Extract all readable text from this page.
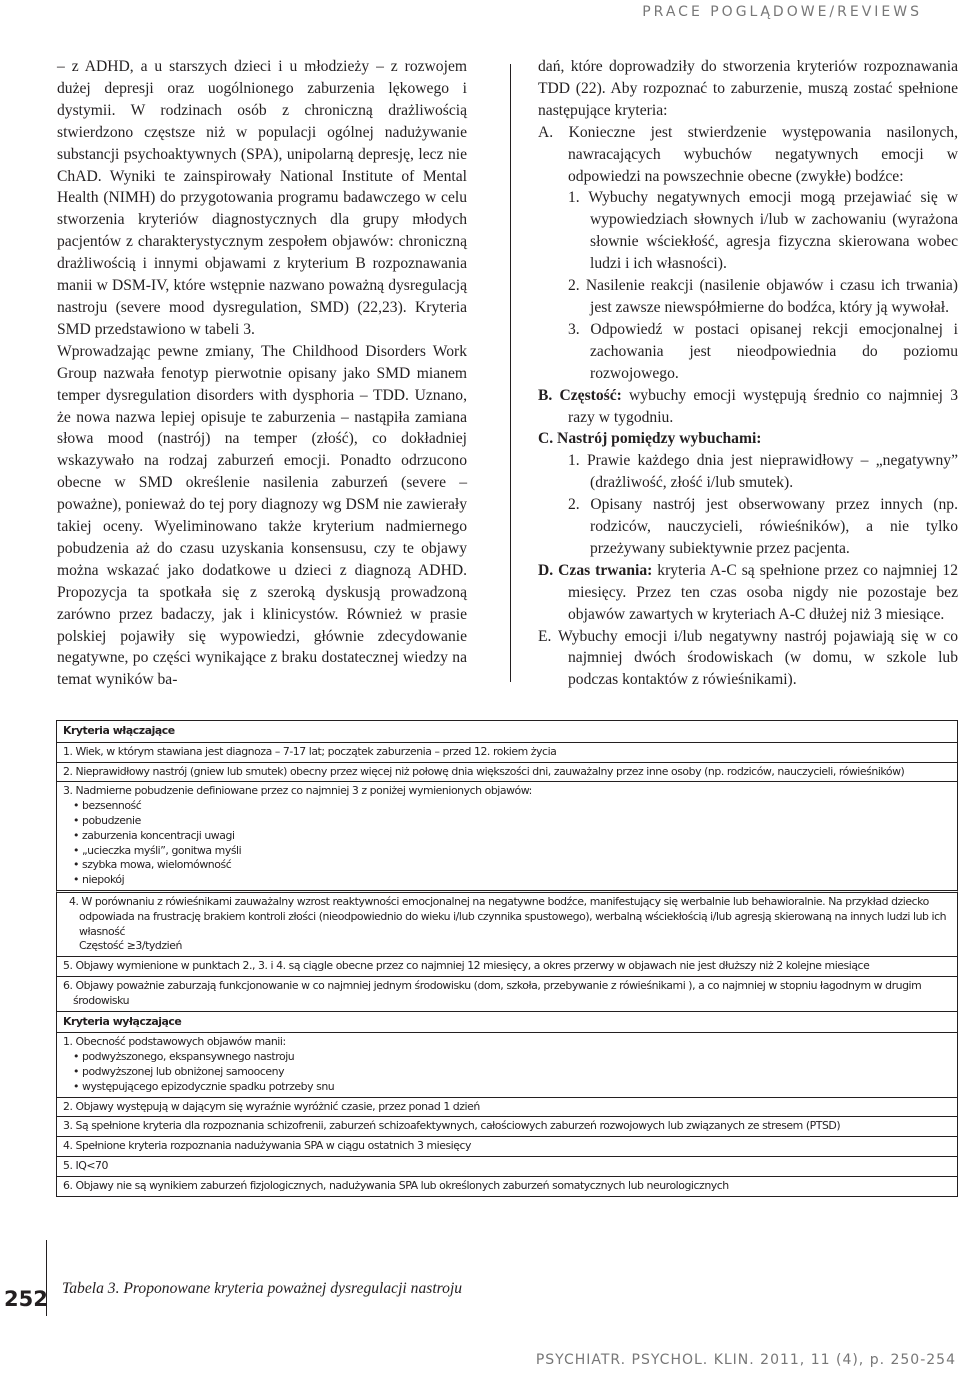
PRACE POGLĄDOWE/REVIEWS

– z ADHD, a u starszych dzieci i u młodzieży – z rozwojem dużej depresji oraz uogólnionego zaburzenia lękowego i dystymii. W rodzinach osób z chroniczną drażliwością stwierdzono częstsze niż w populacji ogólnej nadużywanie substancji psychoaktywnych (SPA), unipolarną depresję, lecz nie ChAD. Wyniki te zainspirowały National Institute of Mental Health (NIMH) do przygotowania programu badawczego w celu stworzenia kryteriów diagnostycznych dla grupy młodych pacjentów z charakterystycznym zespołem objawów: chroniczną drażliwością i innymi objawami z kryterium B rozpoznawania manii w DSM-IV, które wstępnie nazwano poważną dysregulacją nastroju (severe mood dysregulation, SMD) (22,23). Kryteria SMD przedstawiono w tabeli 3.

Wprowadzając pewne zmiany, The Childhood Disorders Work Group nazwała fenotyp pierwotnie opisany jako SMD mianem temper dysregulation disorders with dysphoria – TDD. Uznano, że nowa nazwa lepiej opisuje te zaburzenia – nastąpiła zamiana słowa mood (nastrój) na temper (złość), co dokładniej wskazywało na rodzaj zaburzeń emocji. Ponadto odrzucono obecne w SMD określenie nasilenia zaburzeń (severe – poważne), ponieważ do tej pory diagnozy wg DSM nie zawierały takiej oceny. Wyeliminowano także kryterium nadmiernego pobudzenia aż do czasu uzyskania konsensusu, czy te objawy można wskazać jako dodatkowe u dzieci z diagnozą ADHD. Propozycja ta spotkała się z szeroką dyskusją prowadzoną zarówno przez badaczy, jak i klinicystów. Również w prasie polskiej pojawiły się wypowiedzi, głównie zdecydowanie negatywne, po części wynikające z braku dostatecznej wiedzy na temat wyników ba-

dań, które doprowadziły do stworzenia kryteriów rozpoznawania TDD (22). Aby rozpoznać to zaburzenie, muszą zostać spełnione następujące kryteria:

A. Konieczne jest stwierdzenie występowania nasilonych, nawracających wybuchów negatywnych emocji w odpowiedzi na powszechnie obecne (zwykłe) bodźce:

1. Wybuchy negatywnych emocji mogą przejawiać się w wypowiedziach słownych i/lub w zachowaniu (wyrażona słownie wściekłość, agresja fizyczna skierowana wobec ludzi i ich własności).

2. Nasilenie reakcji (nasilenie objawów i czasu ich trwania) jest zawsze niewspółmierne do bodźca, który ją wywołał.

3. Odpowiedź w postaci opisanej rekcji emocjonalnej i zachowania jest nieodpowiednia do poziomu rozwojowego.

B. Częstość: wybuchy emocji występują średnio co najmniej 3 razy w tygodniu.

C. Nastrój pomiędzy wybuchami:

1. Prawie każdego dnia jest nieprawidłowy – „negatywny” (drażliwość, złość i/lub smutek).

2. Opisany nastrój jest obserwowany przez innych (np. rodziców, nauczycieli, rówieśników), a nie tylko przeżywany subiektywnie przez pacjenta.

D. Czas trwania: kryteria A-C są spełnione przez co najmniej 12 miesięcy. Przez ten czas osoba nigdy nie pozostaje bez objawów zawartych w kryteriach A-C dłużej niż 3 miesiące.

E. Wybuchy emocji i/lub negatywny nastrój pojawiają się w co najmniej dwóch środowiskach (w domu, w szkole lub podczas kontaktów z rówieśnikami).

Kryteria włączające
1. Wiek, w którym stawiana jest diagnoza – 7-17 lat; początek zaburzenia – przed 12. rokiem życia
2. Nieprawidłowy nastrój (gniew lub smutek) obecny przez więcej niż połowę dnia większości dni, zauważalny przez inne osoby (np. rodziców, nauczycieli, rówieśników)
3. Nadmierne pobudzenie definiowane przez co najmniej 3 z poniżej wymienionych objawów:
• bezsenność
• pobudzenie
• zaburzenia koncentracji uwagi
• „ucieczka myśli”, gonitwa myśli
• szybka mowa, wielomówność
• niepokój
4. W porównaniu z rówieśnikami zauważalny wzrost reaktywności emocjonalnej na negatywne bodźce, manifestujący się werbalnie lub behawioralnie. Na przykład dziecko odpowiada na frustrację brakiem kontroli złości (nieodpowiednio do wieku i/lub czynnika spustowego), werbalną wściekłością i/lub agresją skierowaną na innych ludzi lub ich własność
Częstość ≥3/tydzień
5. Objawy wymienione w punktach 2., 3. i 4. są ciągle obecne przez co najmniej 12 miesięcy, a okres przerwy w objawach nie jest dłuższy niż 2 kolejne miesiące
6. Objawy poważnie zaburzają funkcjonowanie w co najmniej jednym środowisku (dom, szkoła, przebywanie z rówieśnikami ), a co najmniej w stopniu łagodnym w drugim środowisku
Kryteria wyłączające
1. Obecność podstawowych objawów manii:
• podwyższonego, ekspansywnego nastroju
• podwyższonej lub obniżonej samooceny
• występującego epizodycznie spadku potrzeby snu
2. Objawy występują w dającym się wyraźnie wyróżnić czasie, przez ponad 1 dzień
3. Są spełnione kryteria dla rozpoznania schizofrenii, zaburzeń schizoafektywnych, całościowych zaburzeń rozwojowych lub związanych ze stresem (PTSD)
4. Spełnione kryteria rozpoznania nadużywania SPA w ciągu ostatnich 3 miesięcy
5. IQ<70
6. Objawy nie są wynikiem zaburzeń fizjologicznych, nadużywania SPA lub określonych zaburzeń somatycznych lub neurologicznych
252 Tabela 3. Proponowane kryteria poważnej dysregulacji nastroju
PSYCHIATR. PSYCHOL. KLIN. 2011, 11 (4), p. 250-254
